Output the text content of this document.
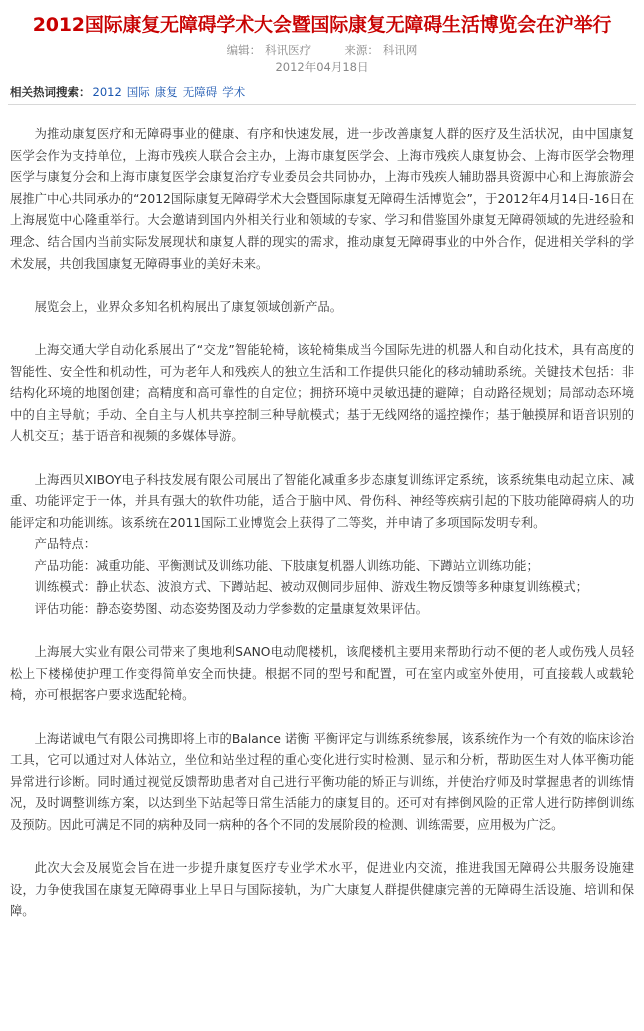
2012国际康复无障碍学术大会暨国际康复无障碍生活博览会在沪举行
编辑： 科讯医疗	来源： 科讯网
2012年04月18日
相关热词搜索： 2012 国际 康复 无障碍 学术

为推动康复医疗和无障碍事业的健康、有序和快速发展，进一步改善康复人群的医疗及生活状况，由中国康复医学会作为支持单位，上海市残疾人联合会主办，上海市康复医学会、上海市残疾人康复协会、上海市医学会物理医学与康复分会和上海市康复医学会康复治疗专业委员会共同协办，上海市残疾人辅助器具资源中心和上海旅游会展推广中心共同承办的“2012国际康复无障碍学术大会暨国际康复无障碍生活博览会”，于2012年4月14日-16日在上海展览中心隆重举行。大会邀请到国内外相关行业和领域的专家、学习和借鉴国外康复无障碍领域的先进经验和理念、结合国内当前实际发展现状和康复人群的现实的需求，推动康复无障碍事业的中外合作，促进相关学科的学术发展，共创我国康复无障碍事业的美好未来。

展览会上，业界众多知名机构展出了康复领域创新产品。

上海交通大学自动化系展出了“交龙”智能轮椅，该轮椅集成当今国际先进的机器人和自动化技术，具有高度的智能性、安全性和机动性，可为老年人和残疾人的独立生活和工作提供只能化的移动辅助系统。关键技术包括：非结构化环境的地图创建；高精度和高可靠性的自定位；拥挤环境中灵敏迅捷的避障；自动路径规划；局部动态环境中的自主导航；手动、全自主与人机共享控制三种导航模式；基于无线网络的遥控操作；基于触摸屏和语音识别的人机交互；基于语音和视频的多媒体导游。

上海西贝XIBOY电子科技发展有限公司展出了智能化减重多步态康复训练评定系统，该系统集电动起立床、减重、功能评定于一体，并具有强大的软件功能，适合于脑中风、骨伤科、神经等疾病引起的下肢功能障碍病人的功能评定和功能训练。该系统在2011国际工业博览会上获得了二等奖，并申请了多项国际发明专利。

产品特点：

产品功能：减重功能、平衡测试及训练功能、下肢康复机器人训练功能、下蹲站立训练功能；

训练模式：静止状态、波浪方式、下蹲站起、被动双侧同步屈伸、游戏生物反馈等多种康复训练模式；

评估功能：静态姿势图、动态姿势图及动力学参数的定量康复效果评估。

上海展大实业有限公司带来了奥地利SANO电动爬楼机，该爬楼机主要用来帮助行动不便的老人或伤残人员轻松上下楼梯使护理工作变得简单安全而快捷。根据不同的型号和配置，可在室内或室外使用，可直接载人或载轮椅，亦可根据客户要求选配轮椅。

上海诺诚电气有限公司携即将上市的Balance 诺衡 平衡评定与训练系统参展，该系统作为一个有效的临床诊治工具，它可以通过对人体站立，坐位和站坐过程的重心变化进行实时检测、显示和分析，帮助医生对人体平衡功能异常进行诊断。同时通过视觉反馈帮助患者对自己进行平衡功能的矫正与训练，并使治疗师及时掌握患者的训练情况，及时调整训练方案，以达到坐下站起等日常生活能力的康复目的。还可对有摔倒风险的正常人进行防摔倒训练及预防。因此可满足不同的病种及同一病种的各个不同的发展阶段的检测、训练需要，应用极为广泛。

此次大会及展览会旨在进一步提升康复医疗专业学术水平，促进业内交流，推进我国无障碍公共服务设施建设，力争使我国在康复无障碍事业上早日与国际接轨，为广大康复人群提供健康完善的无障碍生活设施、培训和保障。
